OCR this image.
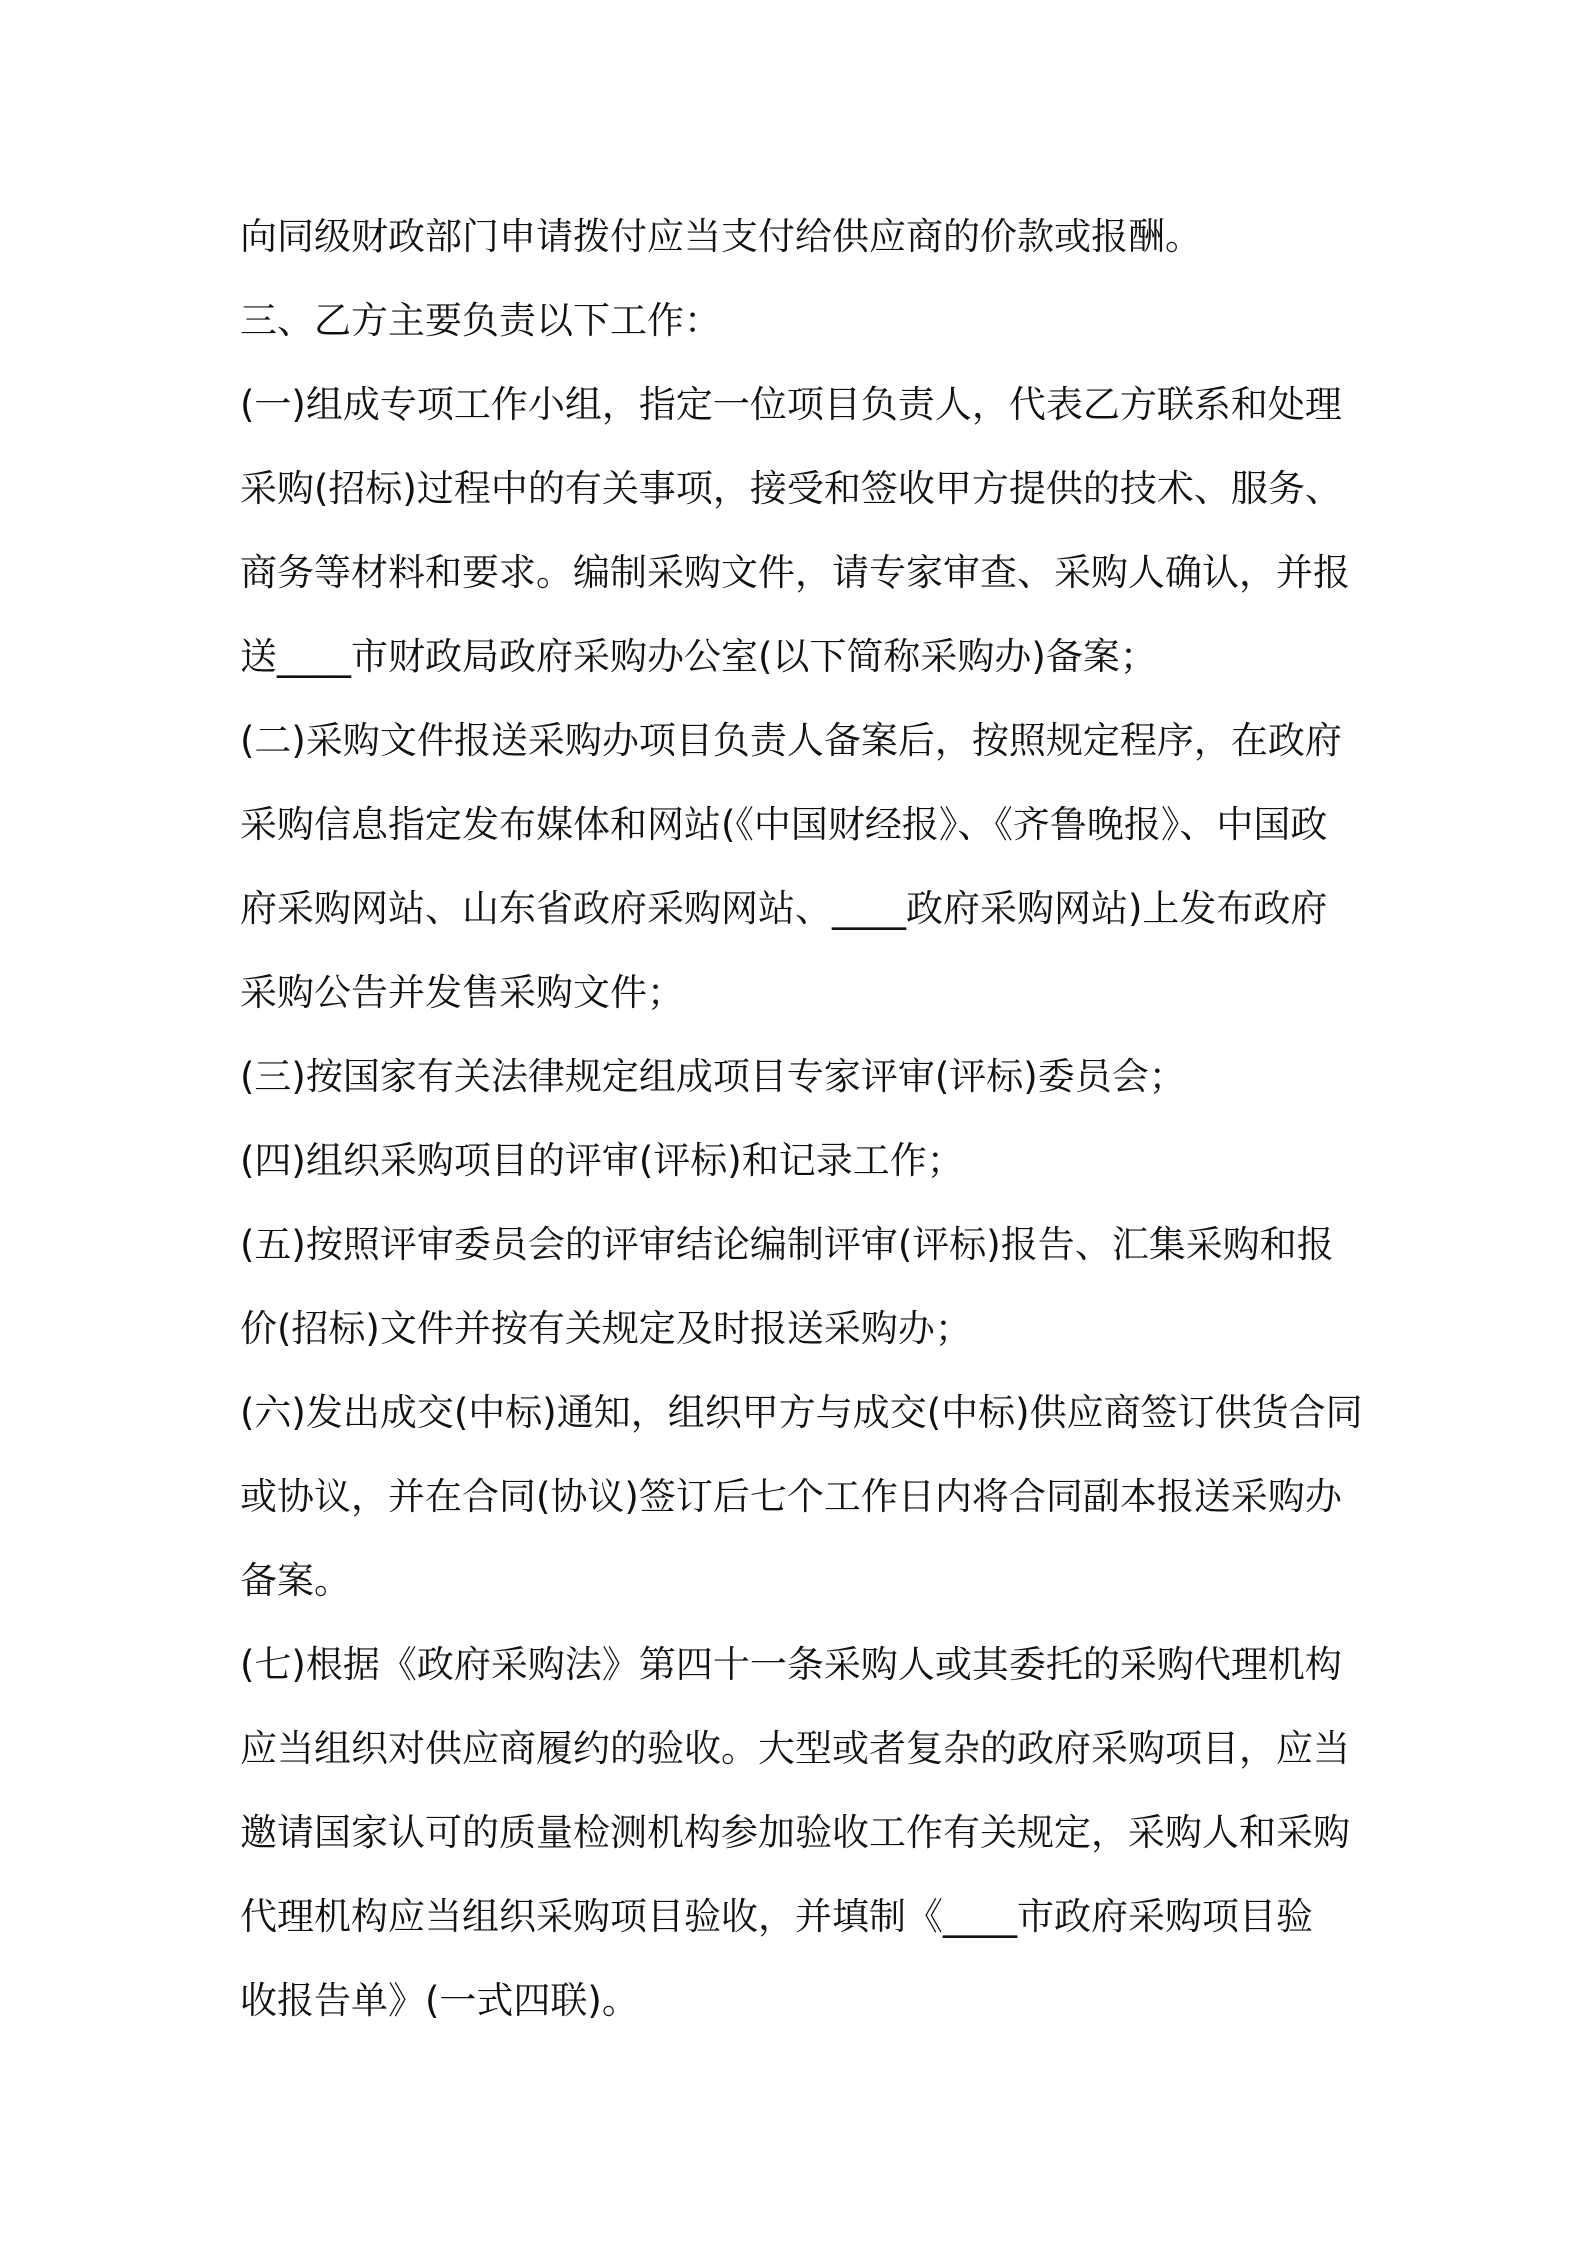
向同级财政部门申请拨付应当支付给供应商的价款或报酬。

三、乙方主要负责以下工作：

(一)组成专项工作小组，指定一位项目负责人，代表乙方联系和处理
采购(招标)过程中的有关事项，接受和签收甲方提供的技术、服务、
商务等材料和要求。编制采购文件，请专家审查、采购人确认，并报
送____市财政局政府采购办公室(以下简称采购办)备案；

(二)采购文件报送采购办项目负责人备案后，按照规定程序，在政府
采购信息指定发布媒体和网站(《中国财经报》、《齐鲁晚报》、中国政
府采购网站、山东省政府采购网站、____政府采购网站)上发布政府
采购公告并发售采购文件；

(三)按国家有关法律规定组成项目专家评审(评标)委员会；

(四)组织采购项目的评审(评标)和记录工作；

(五)按照评审委员会的评审结论编制评审(评标)报告、汇集采购和报
价(招标)文件并按有关规定及时报送采购办；

(六)发出成交(中标)通知，组织甲方与成交(中标)供应商签订供货合同
或协议，并在合同(协议)签订后七个工作日内将合同副本报送采购办
备案。

(七)根据《政府采购法》第四十一条采购人或其委托的采购代理机构
应当组织对供应商履约的验收。大型或者复杂的政府采购项目，应当
邀请国家认可的质量检测机构参加验收工作有关规定，采购人和采购
代理机构应当组织采购项目验收，并填制《____市政府采购项目验
收报告单》(一式四联)。
